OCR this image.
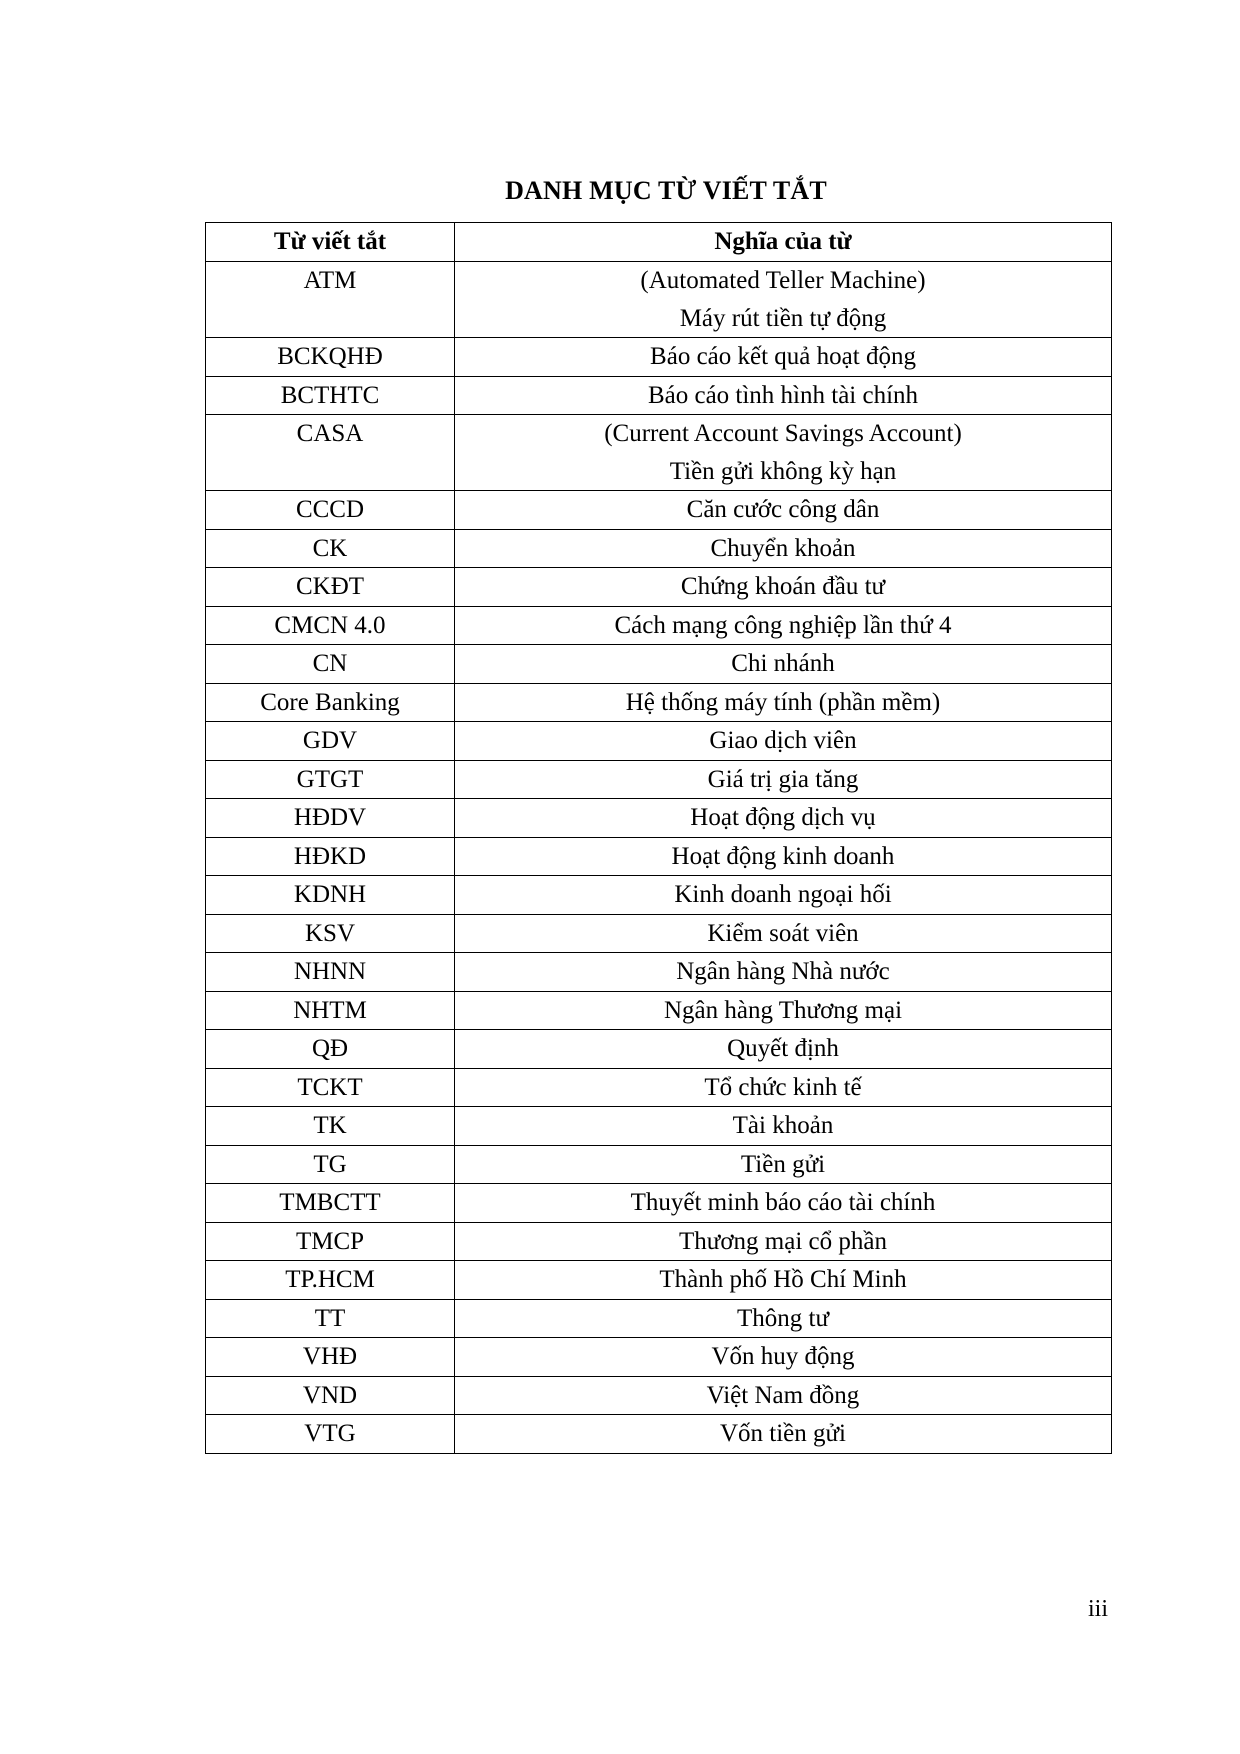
DANH MỤC TỪ VIẾT TẮT
Từ viết tắt	Nghĩa của từ

ATM	(Automated Teller Machine)
Máy rút tiền tự động

BCKQHĐ	Báo cáo kết quả hoạt động

BCTHTC	Báo cáo tình hình tài chính

CASA	(Current Account Savings Account)
Tiền gửi không kỳ hạn

CCCD	Căn cước công dân

CK	Chuyển khoản

CKĐT	Chứng khoán đầu tư

CMCN 4.0	Cách mạng công nghiệp lần thứ 4

CN	Chi nhánh

Core Banking	Hệ thống máy tính (phần mềm)

GDV	Giao dịch viên

GTGT	Giá trị gia tăng

HĐDV	Hoạt động dịch vụ

HĐKD	Hoạt động kinh doanh

KDNH	Kinh doanh ngoại hối

KSV	Kiểm soát viên

NHNN	Ngân hàng Nhà nước

NHTM	Ngân hàng Thương mại

QĐ	Quyết định

TCKT	Tổ chức kinh tế

TK	Tài khoản

TG	Tiền gửi

TMBCTT	Thuyết minh báo cáo tài chính

TMCP	Thương mại cổ phần

TP.HCM	Thành phố Hồ Chí Minh

TT	Thông tư

VHĐ	Vốn huy động

VND	Việt Nam đồng

VTG	Vốn tiền gửi
iii
